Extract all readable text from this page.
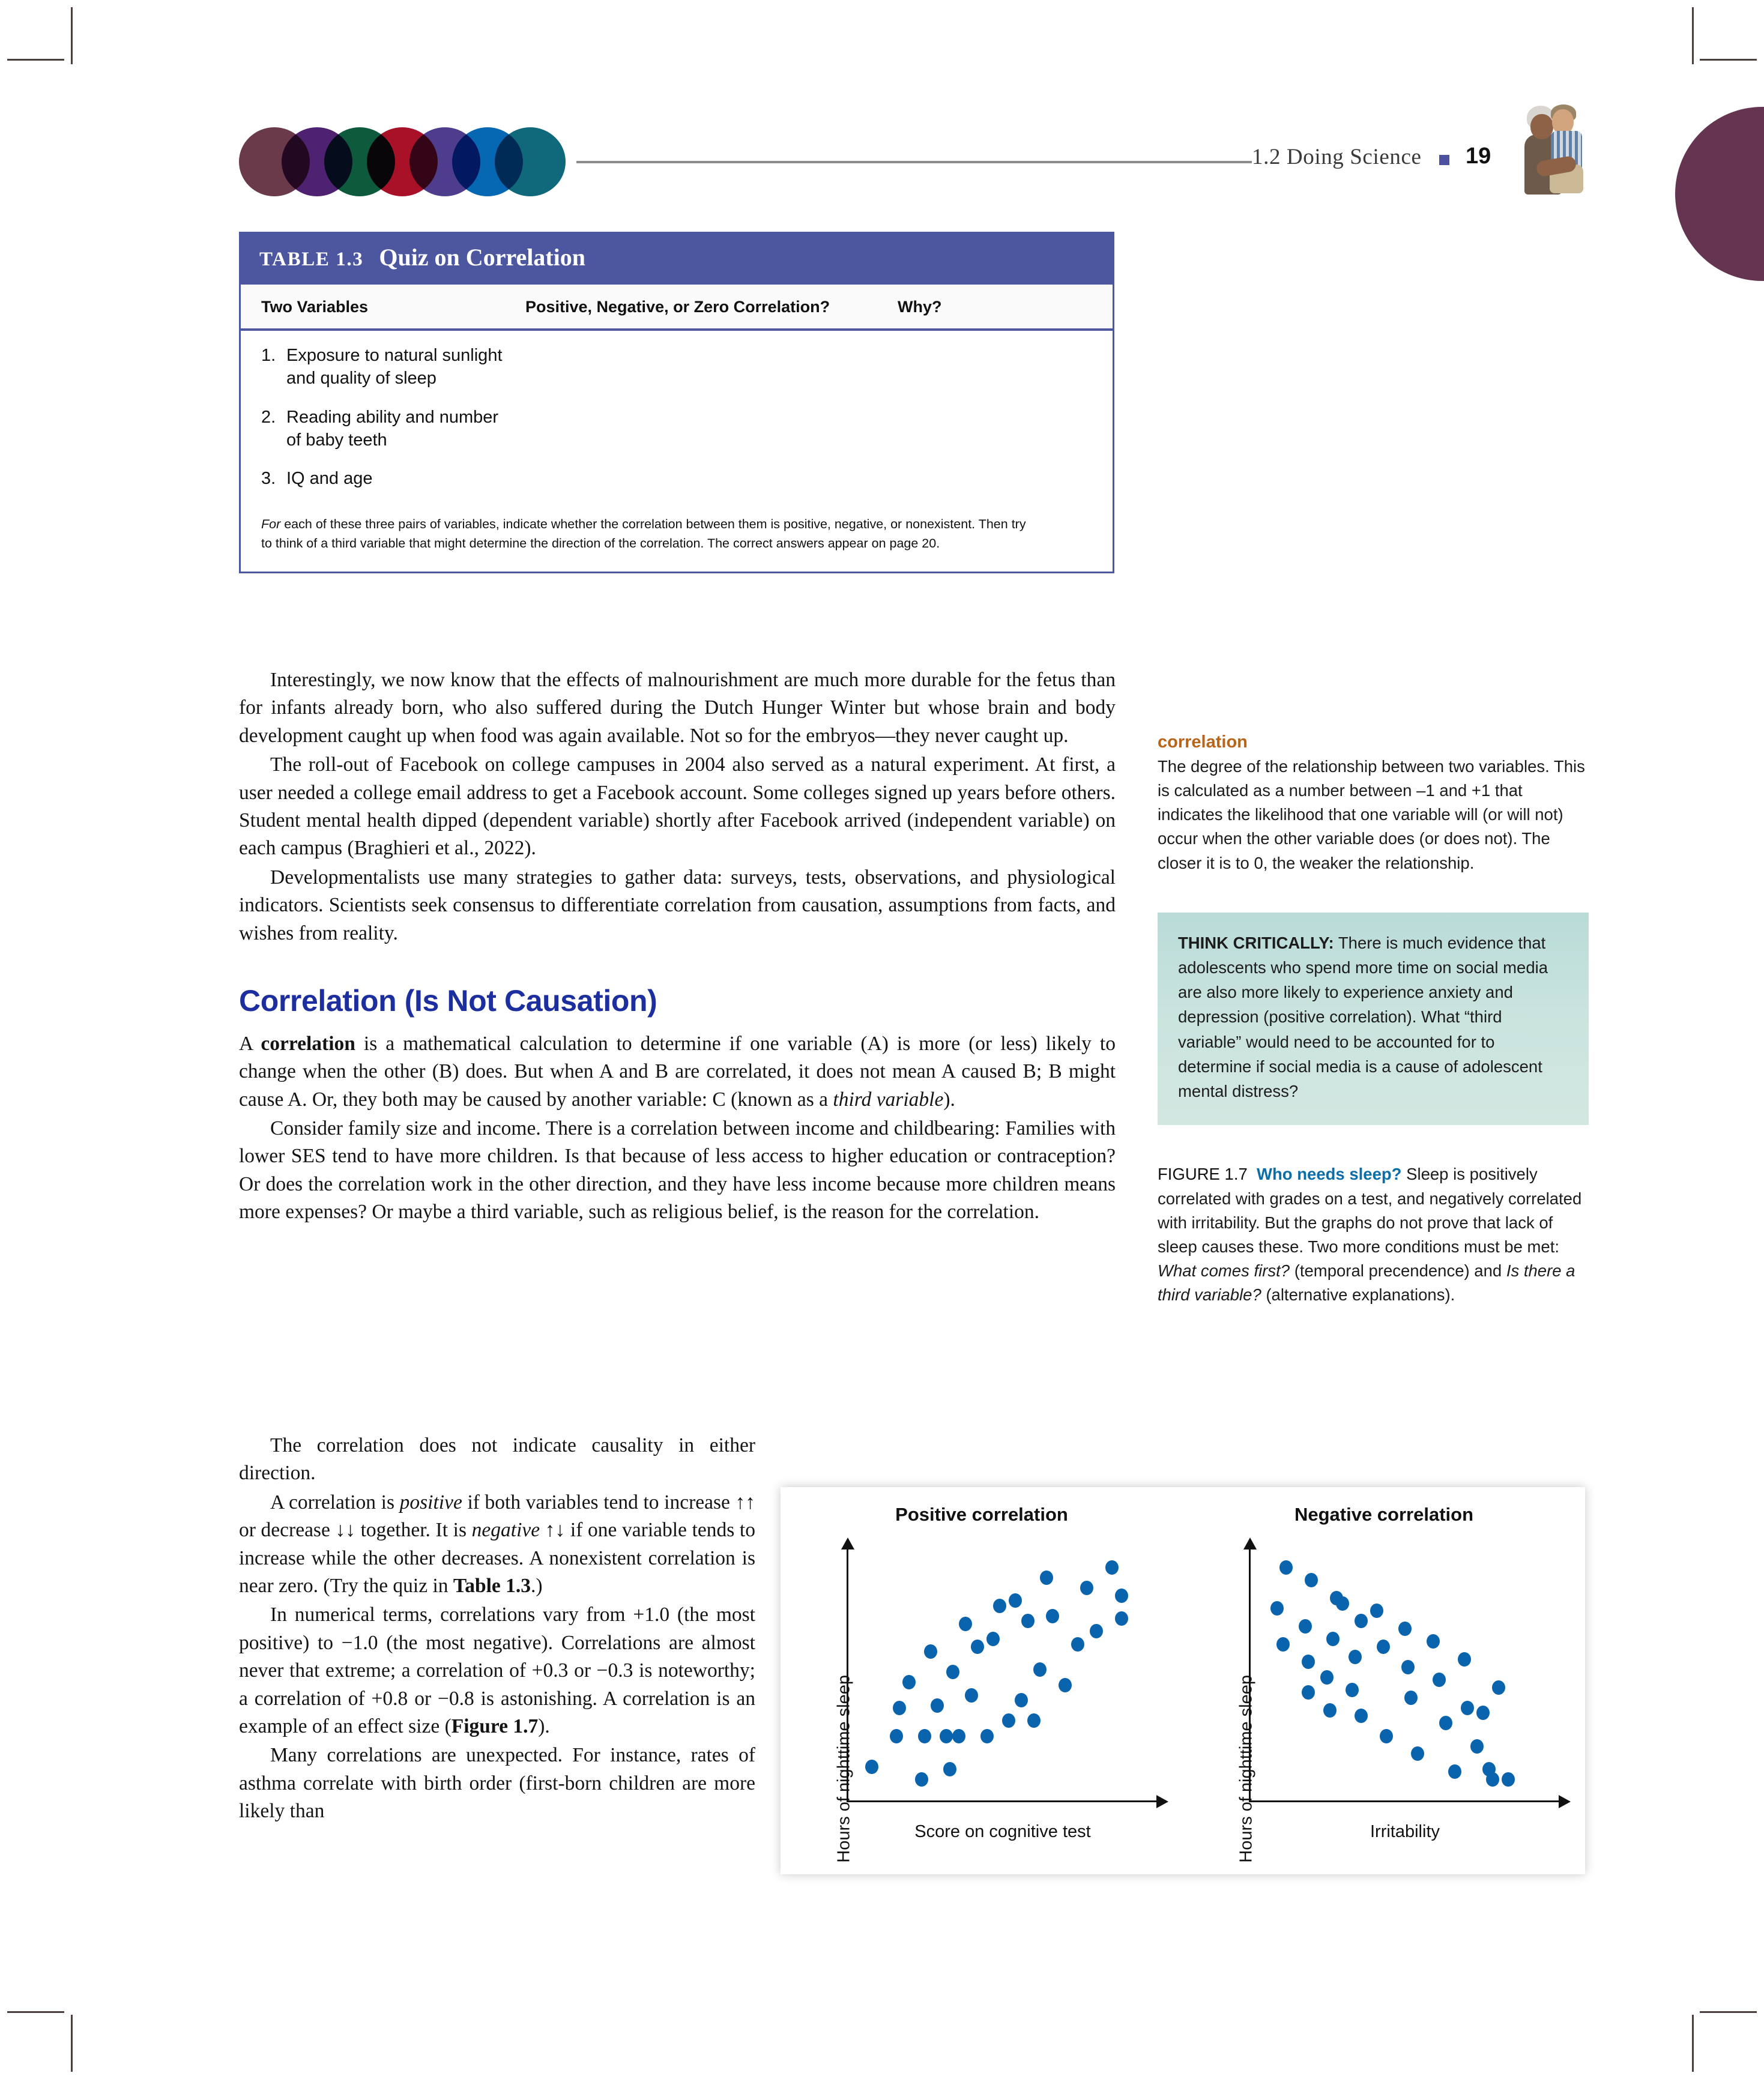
1.2 Doing Science 19
TABLE 1.3 Quiz on Correlation
Two Variables	Positive, Negative, or Zero Correlation?	Why?
1. Exposure to natural sunlight and quality of sleep
2. Reading ability and number of baby teeth
3. IQ and age
For each of these three pairs of variables, indicate whether the correlation between them is positive, negative, or nonexistent. Then try to think of a third variable that might determine the direction of the correlation. The correct answers appear on page 20.

Interestingly, we now know that the effects of malnourishment are much more durable for the fetus than for infants already born, who also suffered during the Dutch Hunger Winter but whose brain and body development caught up when food was again available. Not so for the embryos—they never caught up.

The roll-out of Facebook on college campuses in 2004 also served as a natural experiment. At first, a user needed a college email address to get a Facebook account. Some colleges signed up years before others. Student mental health dipped (dependent variable) shortly after Facebook arrived (independent variable) on each campus (Braghieri et al., 2022).

Developmentalists use many strategies to gather data: surveys, tests, observations, and physiological indicators. Scientists seek consensus to differentiate correlation from causation, assumptions from facts, and wishes from reality.

Correlation (Is Not Causation)

A correlation is a mathematical calculation to determine if one variable (A) is more (or less) likely to change when the other (B) does. But when A and B are correlated, it does not mean A caused B; B might cause A. Or, they both may be caused by another variable: C (known as a third variable).

Consider family size and income. There is a correlation between income and childbearing: Families with lower SES tend to have more children. Is that because of less access to higher education or contraception? Or does the correlation work in the other direction, and they have less income because more children means more expenses? Or maybe a third variable, such as religious belief, is the reason for the correlation.

The correlation does not indicate causality in either direction.

A correlation is positive if both variables tend to increase ↑↑ or decrease ↓↓ together. It is negative ↑↓ if one variable tends to increase while the other decreases. A nonexistent correlation is near zero. (Try the quiz in Table 1.3.)

In numerical terms, correlations vary from +1.0 (the most positive) to −1.0 (the most negative). Correlations are almost never that extreme; a correlation of +0.3 or −0.3 is noteworthy; a correlation of +0.8 or −0.8 is astonishing. A correlation is an example of an effect size (Figure 1.7).

Many correlations are unexpected. For instance, rates of asthma correlate with birth order (first-born children are more likely than

correlation
The degree of the relationship between two variables. This is calculated as a number between –1 and +1 that indicates the likelihood that one variable will (or will not) occur when the other variable does (or does not). The closer it is to 0, the weaker the relationship.
THINK CRITICALLY: There is much evidence that adolescents who spend more time on social media are also more likely to experience anxiety and depression (positive correlation). What “third variable” would need to be accounted for to determine if social media is a cause of adolescent mental distress?
FIGURE 1.7 Who needs sleep? Sleep is positively correlated with grades on a test, and negatively correlated with irritability. But the graphs do not prove that lack of sleep causes these. Two more conditions must be met: What comes first? (temporal precendence) and Is there a third variable? (alternative explanations).
Positive correlation
Hours of nighttime sleep	Score on cognitive test
Negative correlation
Hours of nighttime sleep	Irritability
